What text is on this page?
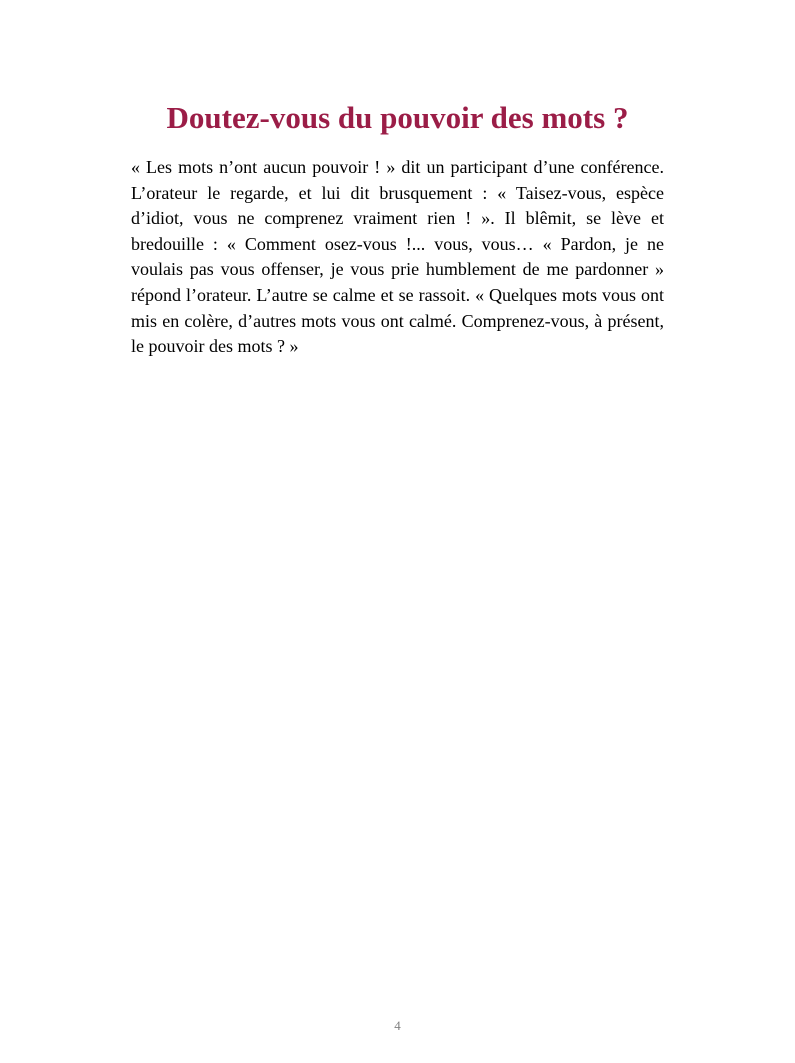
Doutez-vous du pouvoir des mots ?

« Les mots n’ont aucun pouvoir ! » dit un participant d’une conférence. L’orateur le regarde, et lui dit brusquement : « Taisez-vous, espèce d’idiot, vous ne comprenez vraiment rien ! ». Il blêmit, se lève et bredouille : « Comment osez-vous !... vous, vous… « Pardon, je ne voulais pas vous offenser, je vous prie humblement de me pardonner » répond l’orateur. L’autre se calme et se rassoit. « Quelques mots vous ont mis en colère, d’autres mots vous ont calmé. Comprenez-vous, à présent, le pouvoir des mots ? »

4
